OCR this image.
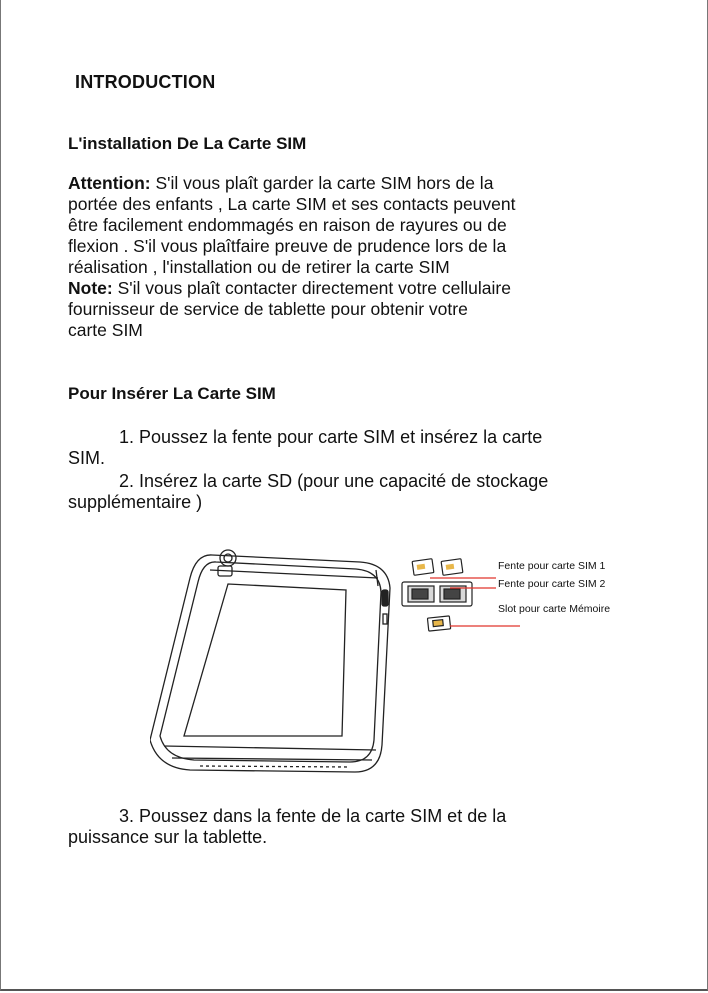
INTRODUCTION
L'installation De La Carte SIM
Attention: S'il vous plaît garder la carte SIM hors de la
portée des enfants , La carte SIM et ses contacts peuvent
être facilement endommagés en raison de rayures ou de
flexion . S'il vous plaîtfaire preuve de prudence lors de la
réalisation , l'installation ou de retirer la carte SIM
Note: S'il vous plaît contacter directement votre cellulaire
fournisseur de service de tablette pour obtenir votre
carte SIM
Pour Insérer La Carte SIM
1. Poussez la fente pour carte SIM et insérez la carte
SIM.
2. Insérez la carte SD (pour une capacité de stockage
supplémentaire )
Fente pour carte SIM 1
Fente pour carte SIM 2
Slot pour carte Mémoire
3. Poussez dans la fente de la carte SIM et de la
puissance sur la tablette.
